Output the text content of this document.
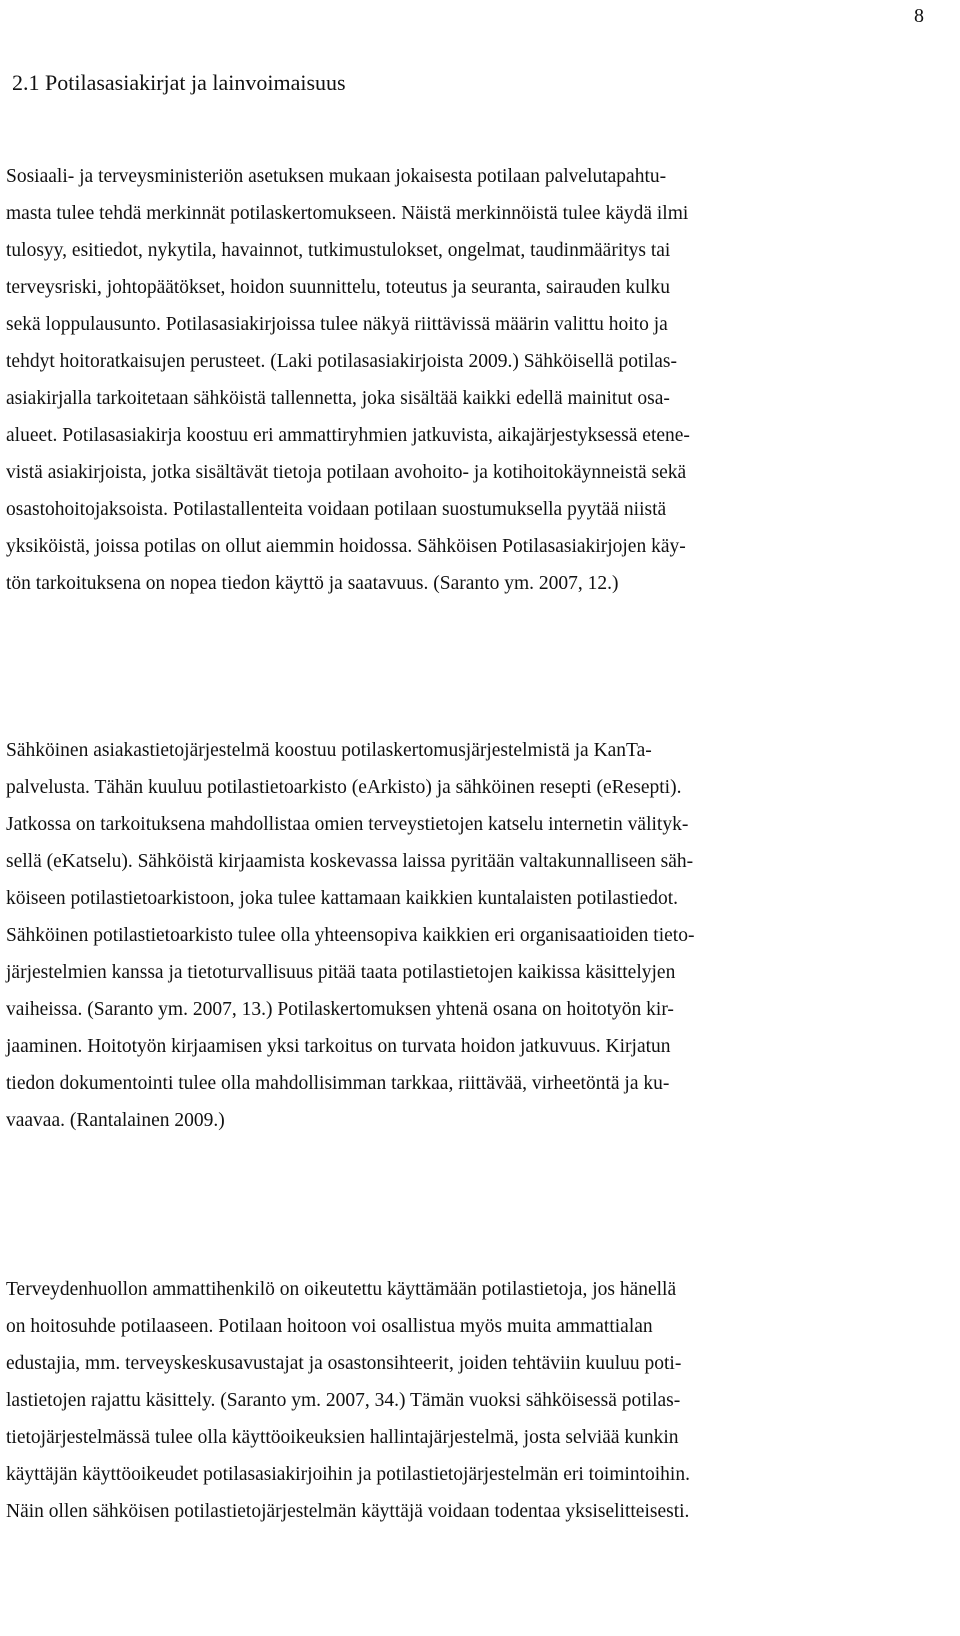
8
2.1 Potilasasiakirjat ja lainvoimaisuus

Sosiaali- ja terveysministeriön asetuksen mukaan jokaisesta potilaan palvelutapahtu-
masta tulee tehdä merkinnät potilaskertomukseen. Näistä merkinnöistä tulee käydä ilmi
tulosyy, esitiedot, nykytila, havainnot, tutkimustulokset, ongelmat, taudinmääritys tai
terveysriski, johtopäätökset, hoidon suunnittelu, toteutus ja seuranta, sairauden kulku
sekä loppulausunto. Potilasasiakirjoissa tulee näkyä riittävissä määrin valittu hoito ja
tehdyt hoitoratkaisujen perusteet. (Laki potilasasiakirjoista 2009.) Sähköisellä potilas-
asiakirjalla tarkoitetaan sähköistä tallennetta, joka sisältää kaikki edellä mainitut osa-
alueet. Potilasasiakirja koostuu eri ammattiryhmien jatkuvista, aikajärjestyksessä etene-
vistä asiakirjoista, jotka sisältävät tietoja potilaan avohoito- ja kotihoitokäynneistä sekä
osastohoitojaksoista. Potilastallenteita voidaan potilaan suostumuksella pyytää niistä
yksiköistä, joissa potilas on ollut aiemmin hoidossa. Sähköisen Potilasasiakirjojen käy-
tön tarkoituksena on nopea tiedon käyttö ja saatavuus. (Saranto ym. 2007, 12.)

Sähköinen asiakastietojärjestelmä koostuu potilaskertomusjärjestelmistä ja KanTa-
palvelusta. Tähän kuuluu potilastietoarkisto (eArkisto) ja sähköinen resepti (eResepti).
Jatkossa on tarkoituksena mahdollistaa omien terveystietojen katselu internetin välityk-
sellä (eKatselu). Sähköistä kirjaamista koskevassa laissa pyritään valtakunnalliseen säh-
köiseen potilastietoarkistoon, joka tulee kattamaan kaikkien kuntalaisten potilastiedot.
Sähköinen potilastietoarkisto tulee olla yhteensopiva kaikkien eri organisaatioiden tieto-
järjestelmien kanssa ja tietoturvallisuus pitää taata potilastietojen kaikissa käsittelyjen
vaiheissa. (Saranto ym. 2007, 13.) Potilaskertomuksen yhtenä osana on hoitotyön kir-
jaaminen. Hoitotyön kirjaamisen yksi tarkoitus on turvata hoidon jatkuvuus. Kirjatun
tiedon dokumentointi tulee olla mahdollisimman tarkkaa, riittävää, virheetöntä ja ku-
vaavaa. (Rantalainen 2009.)

Terveydenhuollon ammattihenkilö on oikeutettu käyttämään potilastietoja, jos hänellä
on hoitosuhde potilaaseen. Potilaan hoitoon voi osallistua myös muita ammattialan
edustajia, mm. terveyskeskusavustajat ja osastonsihteerit, joiden tehtäviin kuuluu poti-
lastietojen rajattu käsittely. (Saranto ym. 2007, 34.) Tämän vuoksi sähköisessä potilas-
tietojärjestelmässä tulee olla käyttöoikeuksien hallintajärjestelmä, josta selviää kunkin
käyttäjän käyttöoikeudet potilasasiakirjoihin ja potilastietojärjestelmän eri toimintoihin.
Näin ollen sähköisen potilastietojärjestelmän käyttäjä voidaan todentaa yksiselitteisesti.
